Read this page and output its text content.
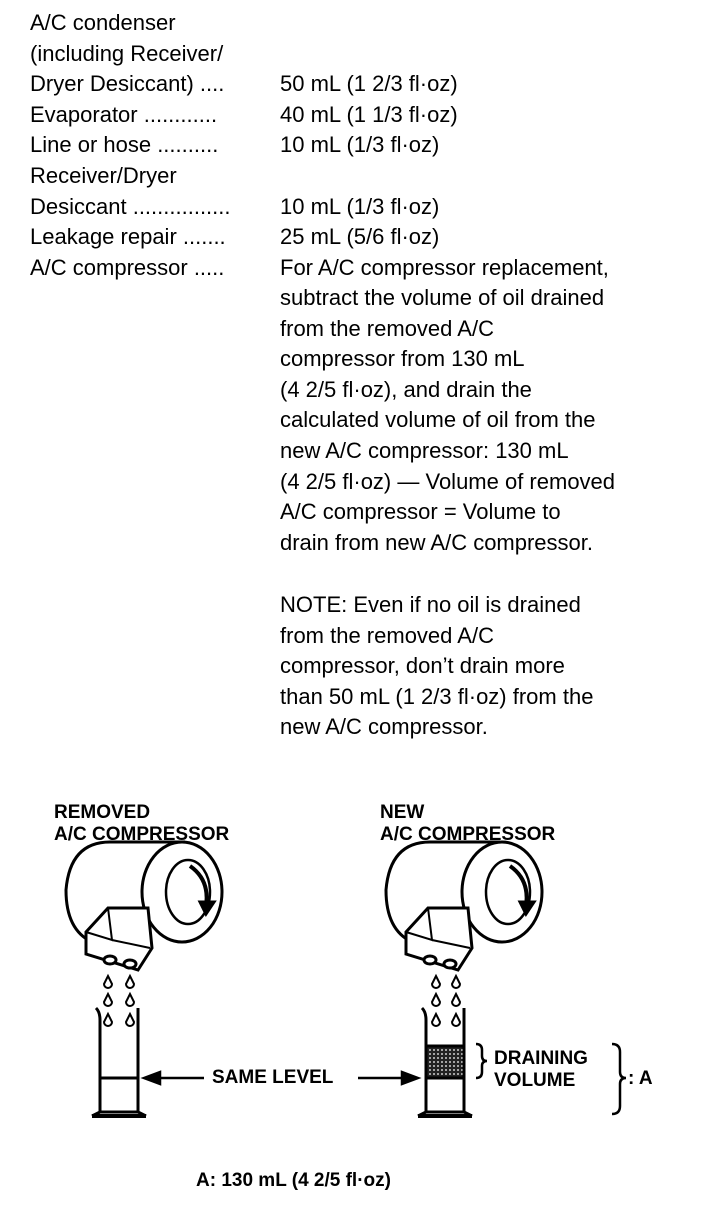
A/C condenser
(including Receiver/
Dryer Desiccant) ....	50 mL (1 2/3 fl·oz)
Evaporator ............	40 mL (1 1/3 fl·oz)
Line or hose ..........	10 mL (1/3 fl·oz)
Receiver/Dryer
Desiccant ................	10 mL (1/3 fl·oz)
Leakage repair .......	25 mL (5/6 fl·oz)
A/C compressor .....	For A/C compressor replacement,
subtract the volume of oil drained
from the removed A/C
compressor from 130 mL
(4 2/5 fl·oz), and drain the
calculated volume of oil from the
new A/C compressor: 130 mL
(4 2/5 fl·oz) — Volume of removed
A/C compressor = Volume to
drain from new A/C compressor.
NOTE: Even if no oil is drained
from the removed A/C
compressor, don’t drain more
than 50 mL (1 2/3 fl·oz) from the
new A/C compressor.
REMOVED
A/C COMPRESSOR
NEW
A/C COMPRESSOR
SAME LEVEL
DRAINING
VOLUME	: A
A: 130 mL (4 2/5 fl·oz)
